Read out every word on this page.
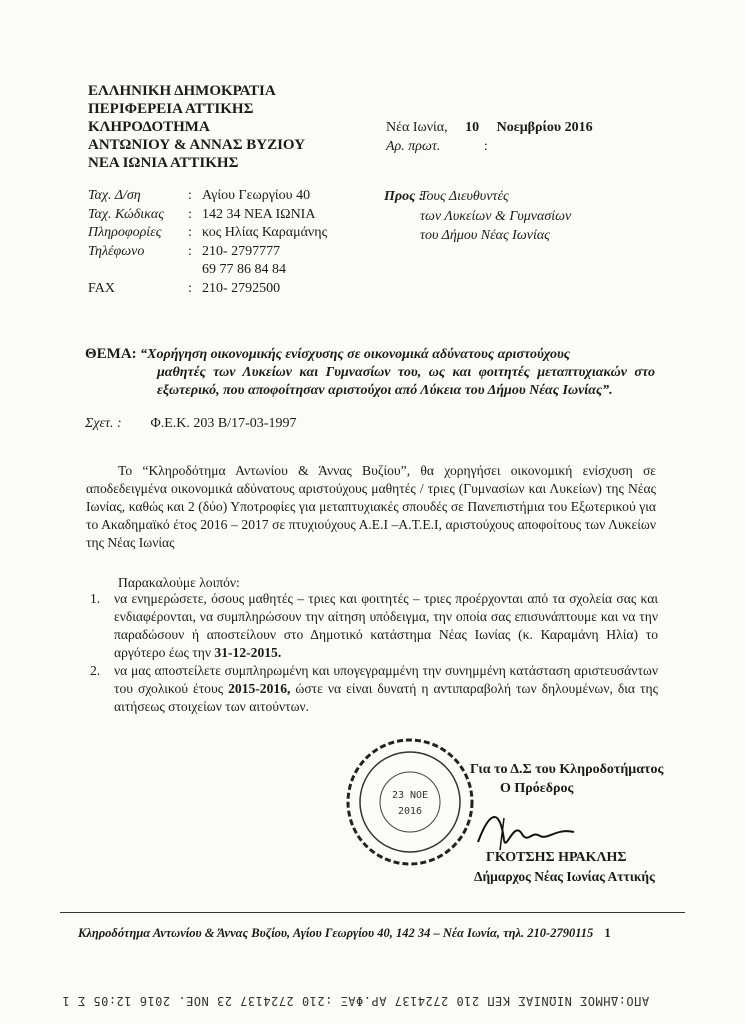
ΕΛΛΗΝΙΚΗ ΔΗΜΟΚΡΑΤΙΑ
ΠΕΡΙΦΕΡΕΙΑ ΑΤΤΙΚΗΣ
ΚΛΗΡΟΔΟΤΗΜΑ
ΑΝΤΩΝΙΟΥ & ΑΝΝΑΣ ΒΥΖΙΟΥ
ΝΕΑ ΙΩΝΙΑ ΑΤΤΙΚΗΣ
Νέα Ιωνία, 10 Νοεμβρίου 2016
Αρ. πρωτ.	:
Ταχ. Δ/ση	: Αγίου Γεωργίου 40
Ταχ. Κώδικας	: 142 34 ΝΕΑ ΙΩΝΙΑ
Πληροφορίες	: κος Ηλίας Καραμάνης
Τηλέφωνο	: 210- 2797777
69 77 86 84 84
FAX	: 210- 2792500
Προς :
Τους Διευθυντές
των Λυκείων & Γυμνασίων
του Δήμου Νέας Ιωνίας
ΘΕΜΑ: “Χορήγηση οικονομικής ενίσχυσης σε οικονομικά αδύνατους αριστούχους
μαθητές των Λυκείων και Γυμνασίων του, ως και φοιτητές μεταπτυχιακών στο εξωτερικό, που αποφοίτησαν αριστούχοι από Λύκεια του Δήμου Νέας Ιωνίας”.
Σχετ. : Φ.Ε.Κ. 203 Β/17-03-1997

Το “Κληροδότημα Αντωνίου & Άννας Βυζίου”, θα χορηγήσει οικονομική ενίσχυση σε αποδεδειγμένα οικονομικά αδύνατους αριστούχους μαθητές / τριες (Γυμνασίων και Λυκείων) της Νέας Ιωνίας, καθώς και 2 (δύο) Υποτροφίες για μεταπτυχιακές σπουδές σε Πανεπιστήμια του Εξωτερικού για το Ακαδημαϊκό έτος 2016 – 2017 σε πτυχιούχους Α.Ε.Ι –Α.Τ.Ε.Ι, αριστούχους αποφοίτους των Λυκείων της Νέας Ιωνίας

Παρακαλούμε λοιπόν:
1.	να ενημερώσετε, όσους μαθητές – τριες και φοιτητές – τριες προέρχονται από τα σχολεία σας και ενδιαφέρονται, να συμπληρώσουν την αίτηση υπόδειγμα, την οποία σας επισυνάπτουμε και να την παραδώσουν ή αποστείλουν στο Δημοτικό κατάστημα Νέας Ιωνίας (κ. Καραμάνη Ηλία) το αργότερο έως την 31-12-2015.
2.	να μας αποστείλετε συμπληρωμένη και υπογεγραμμένη την συνημμένη κατάσταση αριστευσάντων του σχολικού έτους 2015-2016, ώστε να είναι δυνατή η αντιπαραβολή των δηλουμένων, δια της αιτήσεως στοιχείων των αιτούντων.
23 ΝΟΕ
2016
Για το Δ.Σ του Κληροδοτήματος
Ο Πρόεδρος
ΓΚΟΤΣΗΣ ΗΡΑΚΛΗΣ
Δήμαρχος Νέας Ιωνίας Αττικής
Κληροδότημα Αντωνίου & Άννας Βυζίου, Αγίου Γεωργίου 40, 142 34 – Νέα Ιωνία, τηλ. 210-2790115 1
ΑΠΟ:ΔΗΜΟΣ ΝΙΩΝΙΑΣ ΚΕΠ 210 2724137 ΑΡ.ΦΑΞ :210 2724137 23 ΝΟΕ. 2016 12:05 Σ 1
